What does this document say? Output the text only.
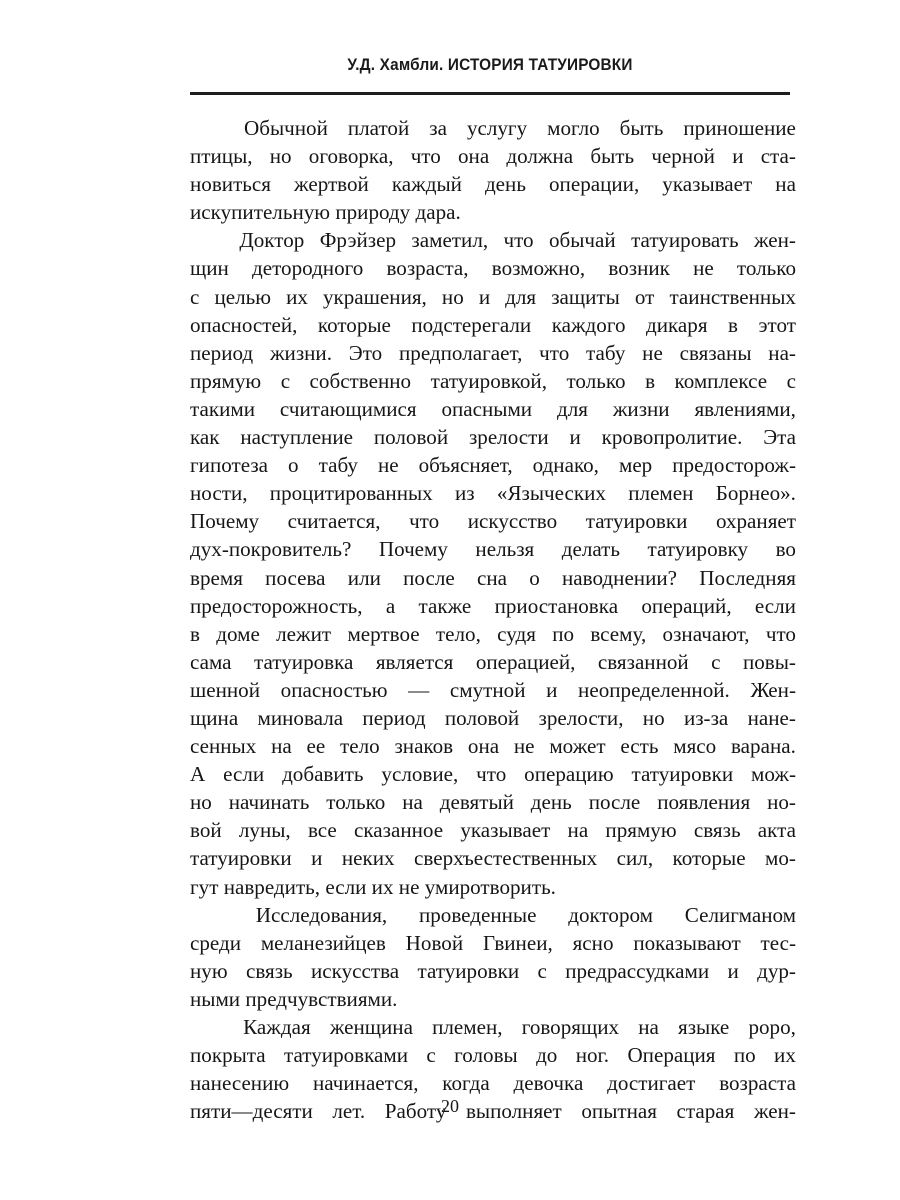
У.Д. Хамбли. ИСТОРИЯ ТАТУИРОВКИ
Обычной платой за услугу могло быть приношение
птицы, но оговорка, что она должна быть черной и ста-
новиться жертвой каждый день операции, указывает на
искупительную природу дара.
Доктор Фрэйзер заметил, что обычай татуировать жен-
щин детородного возраста, возможно, возник не только
с целью их украшения, но и для защиты от таинственных
опасностей, которые подстерегали каждого дикаря в этот
период жизни. Это предполагает, что табу не связаны на-
прямую с собственно татуировкой, только в комплексе с
такими считающимися опасными для жизни явлениями,
как наступление половой зрелости и кровопролитие. Эта
гипотеза о табу не объясняет, однако, мер предосторож-
ности, процитированных из «Языческих племен Борнео».
Почему считается, что искусство татуировки охраняет
дух-покровитель? Почему нельзя делать татуировку во
время посева или после сна о наводнении? Последняя
предосторожность, а также приостановка операций, если
в доме лежит мертвое тело, судя по всему, означают, что
сама татуировка является операцией, связанной с повы-
шенной опасностью — смутной и неопределенной. Жен-
щина миновала период половой зрелости, но из-за нане-
сенных на ее тело знаков она не может есть мясо варана.
А если добавить условие, что операцию татуировки мож-
но начинать только на девятый день после появления но-
вой луны, все сказанное указывает на прямую связь акта
татуировки и неких сверхъестественных сил, которые мо-
гут навредить, если их не умиротворить.
Исследования, проведенные доктором Селигманом
среди меланезийцев Новой Гвинеи, ясно показывают тес-
ную связь искусства татуировки с предрассудками и дур-
ными предчувствиями.
Каждая женщина племен, говорящих на языке роро,
покрыта татуировками с головы до ног. Операция по их
нанесению начинается, когда девочка достигает возраста
пяти—десяти лет. Работу выполняет опытная старая жен-
20
